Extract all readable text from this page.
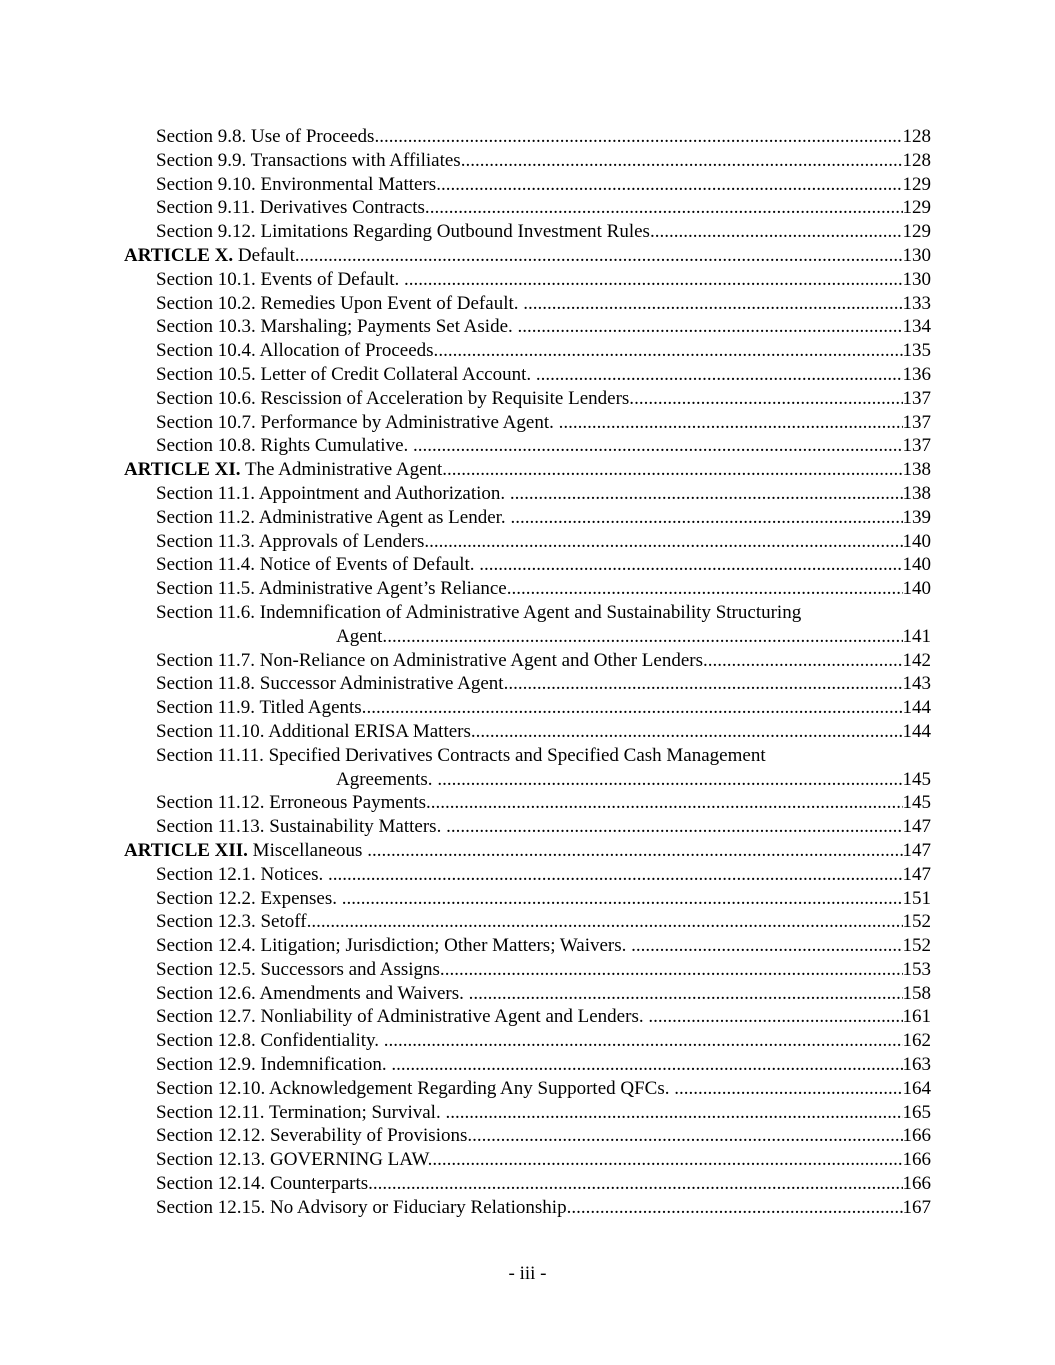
Section 9.8. Use of Proceeds. .....	128
Section 9.9. Transactions with Affiliates. .....	128
Section 9.10. Environmental Matters. .....	129
Section 9.11. Derivatives Contracts. .....	129
Section 9.12. Limitations Regarding Outbound Investment Rules. .....	129
ARTICLE X. Default .....	130
Section 10.1. Events of Default. .....	130
Section 10.2. Remedies Upon Event of Default. .....	133
Section 10.3. Marshaling; Payments Set Aside. .....	134
Section 10.4. Allocation of Proceeds. .....	135
Section 10.5. Letter of Credit Collateral Account. .....	136
Section 10.6. Rescission of Acceleration by Requisite Lenders. .....	137
Section 10.7. Performance by Administrative Agent. .....	137
Section 10.8. Rights Cumulative. .....	137
ARTICLE XI. The Administrative Agent .....	138
Section 11.1. Appointment and Authorization. .....	138
Section 11.2. Administrative Agent as Lender. .....	139
Section 11.3. Approvals of Lenders. .....	140
Section 11.4. Notice of Events of Default. .....	140
Section 11.5. Administrative Agent’s Reliance. .....	140
Section 11.6. Indemnification of Administrative Agent and Sustainability Structuring
Agent. .....	141
Section 11.7. Non-Reliance on Administrative Agent and Other Lenders. .....	142
Section 11.8. Successor Administrative Agent. .....	143
Section 11.9. Titled Agents. .....	144
Section 11.10. Additional ERISA Matters. .....	144
Section 11.11. Specified Derivatives Contracts and Specified Cash Management
Agreements. .....	145
Section 11.12. Erroneous Payments. .....	145
Section 11.13. Sustainability Matters. .....	147
ARTICLE XII. Miscellaneous .....	147
Section 12.1. Notices. .....	147
Section 12.2. Expenses. .....	151
Section 12.3. Setoff. .....	152
Section 12.4. Litigation; Jurisdiction; Other Matters; Waivers. .....	152
Section 12.5. Successors and Assigns. .....	153
Section 12.6. Amendments and Waivers. .....	158
Section 12.7. Nonliability of Administrative Agent and Lenders. .....	161
Section 12.8. Confidentiality. .....	162
Section 12.9. Indemnification. .....	163
Section 12.10. Acknowledgement Regarding Any Supported QFCs. .....	164
Section 12.11. Termination; Survival. .....	165
Section 12.12. Severability of Provisions. .....	166
Section 12.13. GOVERNING LAW. .....	166
Section 12.14. Counterparts. .....	166
Section 12.15. No Advisory or Fiduciary Relationship. .....	167
- iii -
